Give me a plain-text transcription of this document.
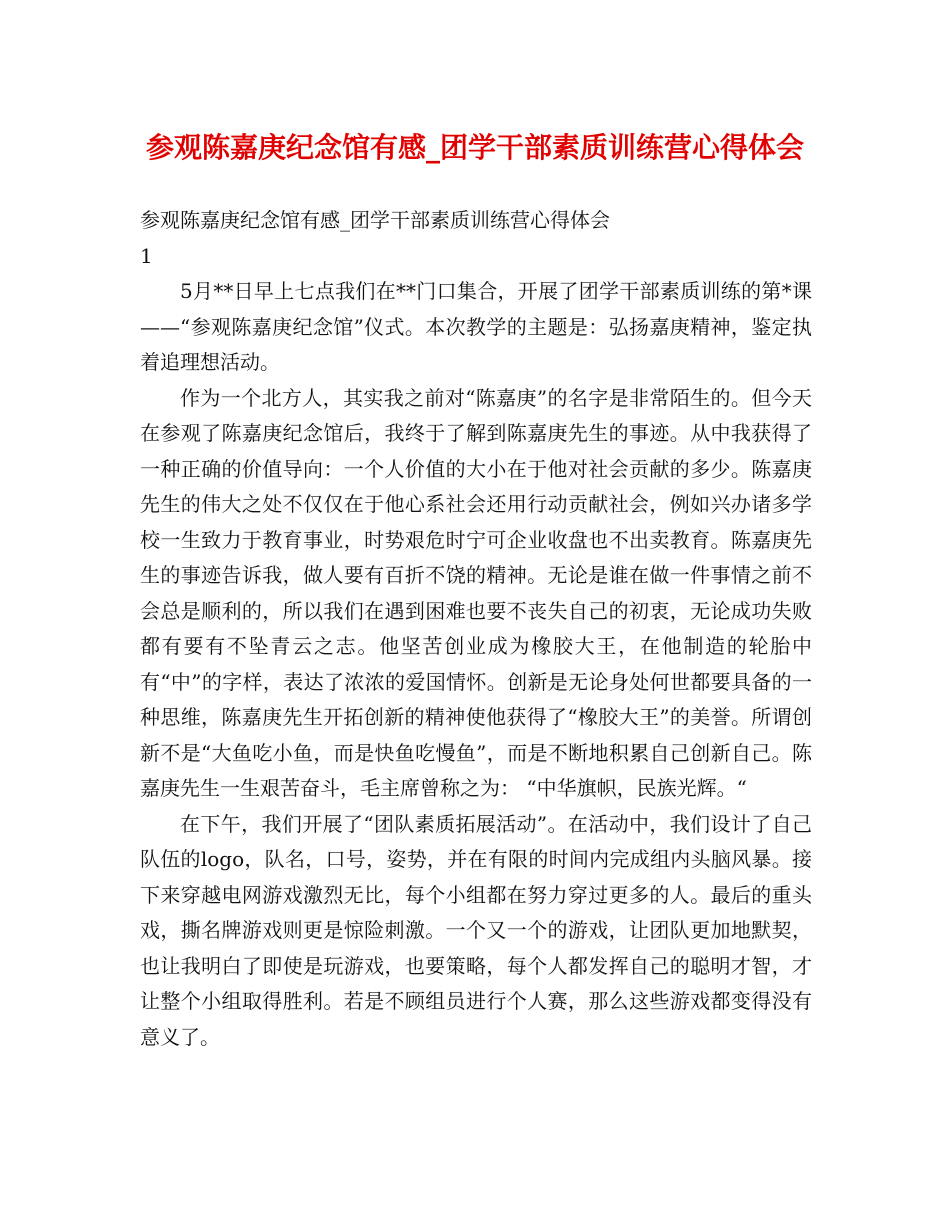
参观陈嘉庚纪念馆有感_团学干部素质训练营心得体会

参观陈嘉庚纪念馆有感_团学干部素质训练营心得体会

1

5月**日早上七点我们在**门口集合，开展了团学干部素质训练的第*课——“参观陈嘉庚纪念馆”仪式。本次教学的主题是：弘扬嘉庚精神，鉴定执着追理想活动。

作为一个北方人，其实我之前对“陈嘉庚”的名字是非常陌生的。但今天在参观了陈嘉庚纪念馆后，我终于了解到陈嘉庚先生的事迹。从中我获得了一种正确的价值导向：一个人价值的大小在于他对社会贡献的多少。陈嘉庚先生的伟大之处不仅仅在于他心系社会还用行动贡献社会，例如兴办诸多学校一生致力于教育事业，时势艰危时宁可企业收盘也不出卖教育。陈嘉庚先生的事迹告诉我，做人要有百折不饶的精神。无论是谁在做一件事情之前不会总是顺利的，所以我们在遇到困难也要不丧失自己的初衷，无论成功失败都有要有不坠青云之志。他坚苦创业成为橡胶大王，在他制造的轮胎中有“中”的字样，表达了浓浓的爱国情怀。创新是无论身处何世都要具备的一种思维，陈嘉庚先生开拓创新的精神使他获得了“橡胶大王”的美誉。所谓创新不是“大鱼吃小鱼，而是快鱼吃慢鱼”，而是不断地积累自己创新自己。陈嘉庚先生一生艰苦奋斗，毛主席曾称之为： “中华旗帜，民族光辉。“

在下午，我们开展了“团队素质拓展活动”。在活动中，我们设计了自己队伍的logo，队名，口号，姿势，并在有限的时间内完成组内头脑风暴。接下来穿越电网游戏激烈无比，每个小组都在努力穿过更多的人。最后的重头戏，撕名牌游戏则更是惊险刺激。一个又一个的游戏，让团队更加地默契，也让我明白了即使是玩游戏，也要策略，每个人都发挥自己的聪明才智，才让整个小组取得胜利。若是不顾组员进行个人赛，那么这些游戏都变得没有意义了。
